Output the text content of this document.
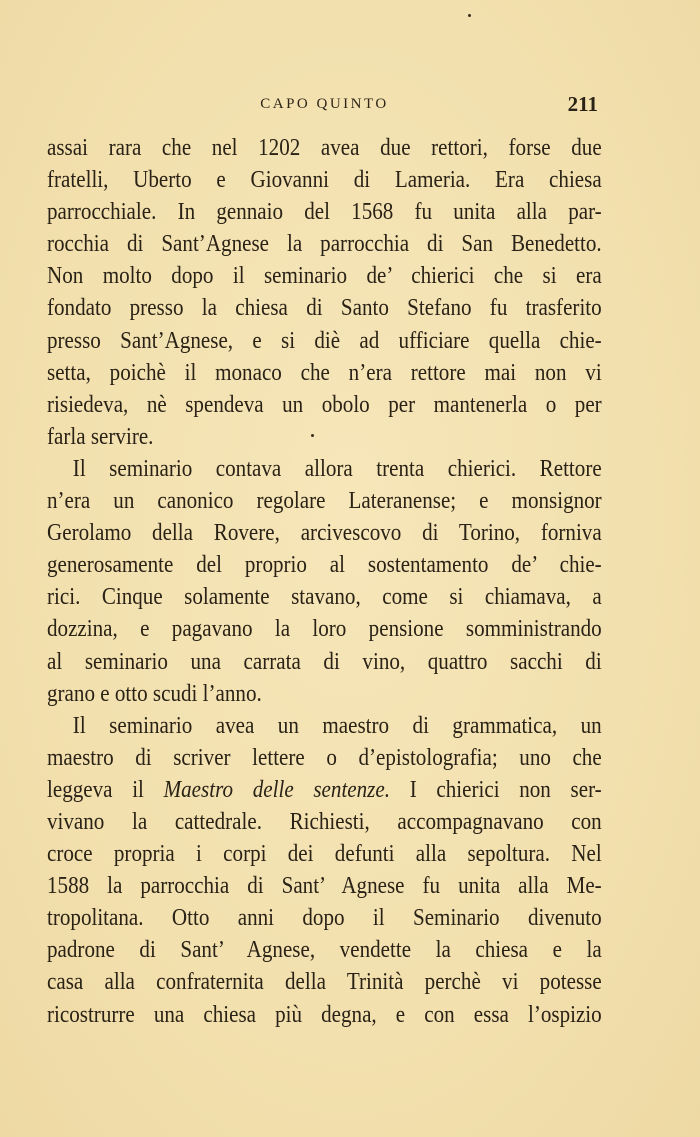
CAPO QUINTO	211
assai rara che nel 1202 avea due rettori, forse due
fratelli, Uberto e Giovanni di Lameria. Era chiesa
parrocchiale. In gennaio del 1568 fu unita alla par-
rocchia di Sant’Agnese la parrocchia di San Benedetto.
Non molto dopo il seminario de’ chierici che si era
fondato presso la chiesa di Santo Stefano fu trasferito
presso Sant’Agnese, e si diè ad ufficiare quella chie-
setta, poichè il monaco che n’era rettore mai non vi
risiedeva, nè spendeva un obolo per mantenerla o per
farla servire.
Il seminario contava allora trenta chierici. Rettore
n’era un canonico regolare Lateranense; e monsignor
Gerolamo della Rovere, arcivescovo di Torino, forniva
generosamente del proprio al sostentamento de’ chie-
rici. Cinque solamente stavano, come si chiamava, a
dozzina, e pagavano la loro pensione somministrando
al seminario una carrata di vino, quattro sacchi di
grano e otto scudi l’anno.
Il seminario avea un maestro di grammatica, un
maestro di scriver lettere o d’epistolografia; uno che
leggeva il Maestro delle sentenze. I chierici non ser-
vivano la cattedrale. Richiesti, accompagnavano con
croce propria i corpi dei defunti alla sepoltura. Nel
1588 la parrocchia di Sant’ Agnese fu unita alla Me-
tropolitana. Otto anni dopo il Seminario divenuto
padrone di Sant’ Agnese, vendette la chiesa e la
casa alla confraternita della Trinità perchè vi potesse
ricostrurre una chiesa più degna, e con essa l’ospizio
